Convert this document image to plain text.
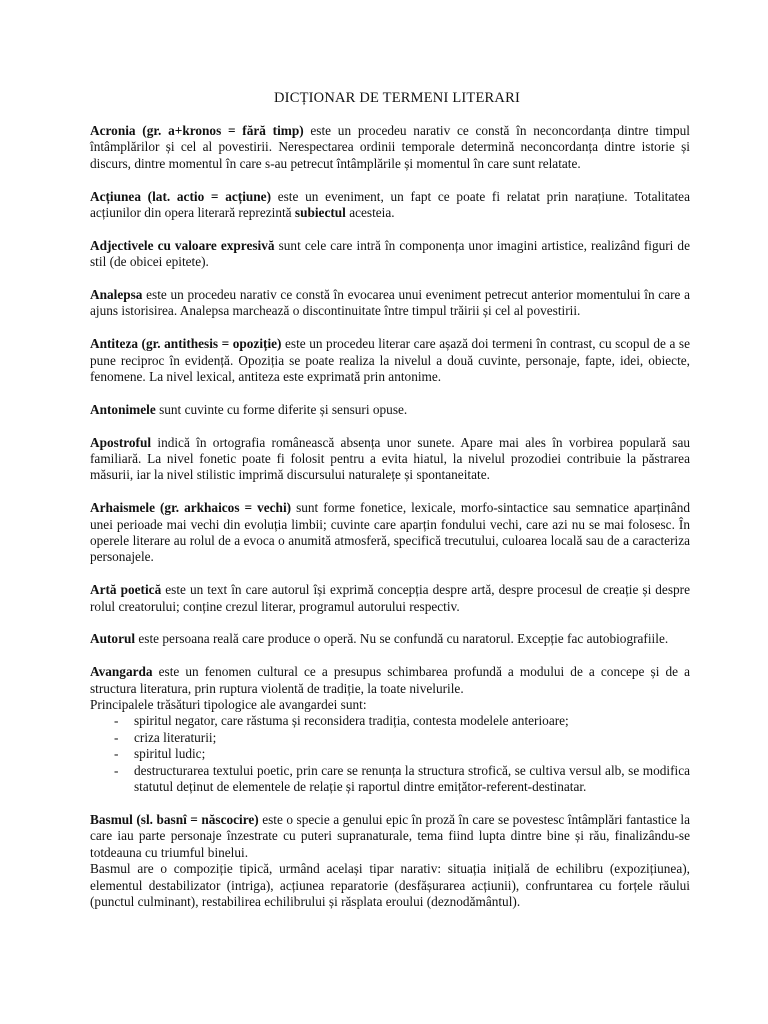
DICȚIONAR DE TERMENI LITERARI
Acronia (gr. a+kronos = fără timp) este un procedeu narativ ce constă în neconcordanța dintre timpul întâmplărilor și cel al povestirii. Nerespectarea ordinii temporale determină neconcordanța dintre istorie și discurs, dintre momentul în care s-au petrecut întâmplările și momentul în care sunt relatate.
Acțiunea (lat. actio = acțiune) este un eveniment, un fapt ce poate fi relatat prin narațiune. Totalitatea acțiunilor din opera literară reprezintă subiectul acesteia.
Adjectivele cu valoare expresivă sunt cele care intră în componența unor imagini artistice, realizând figuri de stil (de obicei epitete).
Analepsa este un procedeu narativ ce constă în evocarea unui eveniment petrecut anterior momentului în care a ajuns istorisirea. Analepsa marchează o discontinuitate între timpul trăirii și cel al povestirii.
Antiteza (gr. antithesis = opoziție) este un procedeu literar care așază doi termeni în contrast, cu scopul de a se pune reciproc în evidență. Opoziția se poate realiza la nivelul a două cuvinte, personaje, fapte, idei, obiecte, fenomene. La nivel lexical, antiteza este exprimată prin antonime.
Antonimele sunt cuvinte cu forme diferite și sensuri opuse.
Apostroful indică în ortografia românească absența unor sunete. Apare mai ales în vorbirea populară sau familiară. La nivel fonetic poate fi folosit pentru a evita hiatul, la nivelul prozodiei contribuie la păstrarea măsurii, iar la nivel stilistic imprimă discursului naturalețe și spontaneitate.
Arhaismele (gr. arkhaicos = vechi) sunt forme fonetice, lexicale, morfo-sintactice sau semnatice aparținând unei perioade mai vechi din evoluția limbii; cuvinte care aparțin fondului vechi, care azi nu se mai folosesc. În operele literare au rolul de a evoca o anumită atmosferă, specifică trecutului, culoarea locală sau de a caracteriza personajele.
Artă poetică este un text în care autorul își exprimă concepția despre artă, despre procesul de creație și despre rolul creatorului; conține crezul literar, programul autorului respectiv.
Autorul este persoana reală care produce o operă. Nu se confundă cu naratorul. Excepție fac autobiografiile.

Avangarda este un fenomen cultural ce a presupus schimbarea profundă a modului de a concepe și de a structura literatura, prin ruptura violentă de tradiție, la toate nivelurile.

Principalele trăsături tipologice ale avangardei sunt:

- spiritul negator, care răstuma și reconsidera tradiția, contesta modelele anterioare;
- criza literaturii;
- spiritul ludic;
- destructurarea textului poetic, prin care se renunța la structura strofică, se cultiva versul alb, se modifica statutul deținut de elementele de relație și raportul dintre emițător-referent-destinatar.

Basmul (sl. basnî = născocire) este o specie a genului epic în proză în care se povestesc întâmplări fantastice la care iau parte personaje înzestrate cu puteri supranaturale, tema fiind lupta dintre bine și rău, finalizându-se totdeauna cu triumful binelui.

Basmul are o compoziție tipică, urmând același tipar narativ: situația inițială de echilibru (expozițiunea), elementul destabilizator (intriga), acțiunea reparatorie (desfășurarea acțiunii), confruntarea cu forțele răului (punctul culminant), restabilirea echilibrului și răsplata eroului (deznodământul).
